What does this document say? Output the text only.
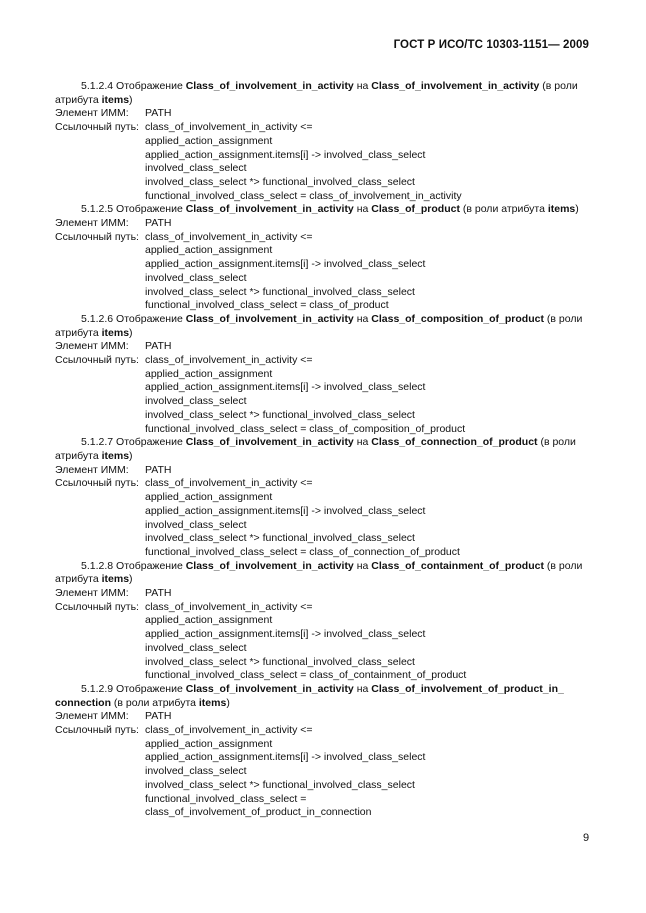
ГОСТ Р ИСО/ТС 10303-1151— 2009

5.1.2.4 Отображение Class_of_involvement_in_activity на Class_of_involvement_in_activity (в роли атрибута items)

Элемент ИММ:	PATH
Ссылочный путь: class_of_involvement_in_activity <=
applied_action_assignment
applied_action_assignment.items[i] -> involved_class_select
involved_class_select
involved_class_select *> functional_involved_class_select
functional_involved_class_select = class_of_involvement_in_activity

5.1.2.5 Отображение Class_of_involvement_in_activity на Class_of_product (в роли атрибута items)

Элемент ИММ:	PATH
Ссылочный путь: class_of_involvement_in_activity <=
applied_action_assignment
applied_action_assignment.items[i] -> involved_class_select
involved_class_select
involved_class_select *> functional_involved_class_select
functional_involved_class_select = class_of_product

5.1.2.6 Отображение Class_of_involvement_in_activity на Class_of_composition_of_product (в роли атрибута items)

Элемент ИММ:	PATH
Ссылочный путь: class_of_involvement_in_activity <=
applied_action_assignment
applied_action_assignment.items[i] -> involved_class_select
involved_class_select
involved_class_select *> functional_involved_class_select
functional_involved_class_select = class_of_composition_of_product

5.1.2.7 Отображение Class_of_involvement_in_activity на Class_of_connection_of_product (в роли атрибута items)

Элемент ИММ:	PATH
Ссылочный путь: class_of_involvement_in_activity <=
applied_action_assignment
applied_action_assignment.items[i] -> involved_class_select
involved_class_select
involved_class_select *> functional_involved_class_select
functional_involved_class_select = class_of_connection_of_product

5.1.2.8 Отображение Class_of_involvement_in_activity на Class_of_containment_of_product (в роли атрибута items)

Элемент ИММ:	PATH
Ссылочный путь: class_of_involvement_in_activity <=
applied_action_assignment
applied_action_assignment.items[i] -> involved_class_select
involved_class_select
involved_class_select *> functional_involved_class_select
functional_involved_class_select = class_of_containment_of_product

5.1.2.9 Отображение Class_of_involvement_in_activity на Class_of_involvement_of_product_in_ connection (в роли атрибута items)

Элемент ИММ:	PATH
Ссылочный путь: class_of_involvement_in_activity <=
applied_action_assignment
applied_action_assignment.items[i] -> involved_class_select
involved_class_select
involved_class_select *> functional_involved_class_select
functional_involved_class_select =
class_of_involvement_of_product_in_connection
9
